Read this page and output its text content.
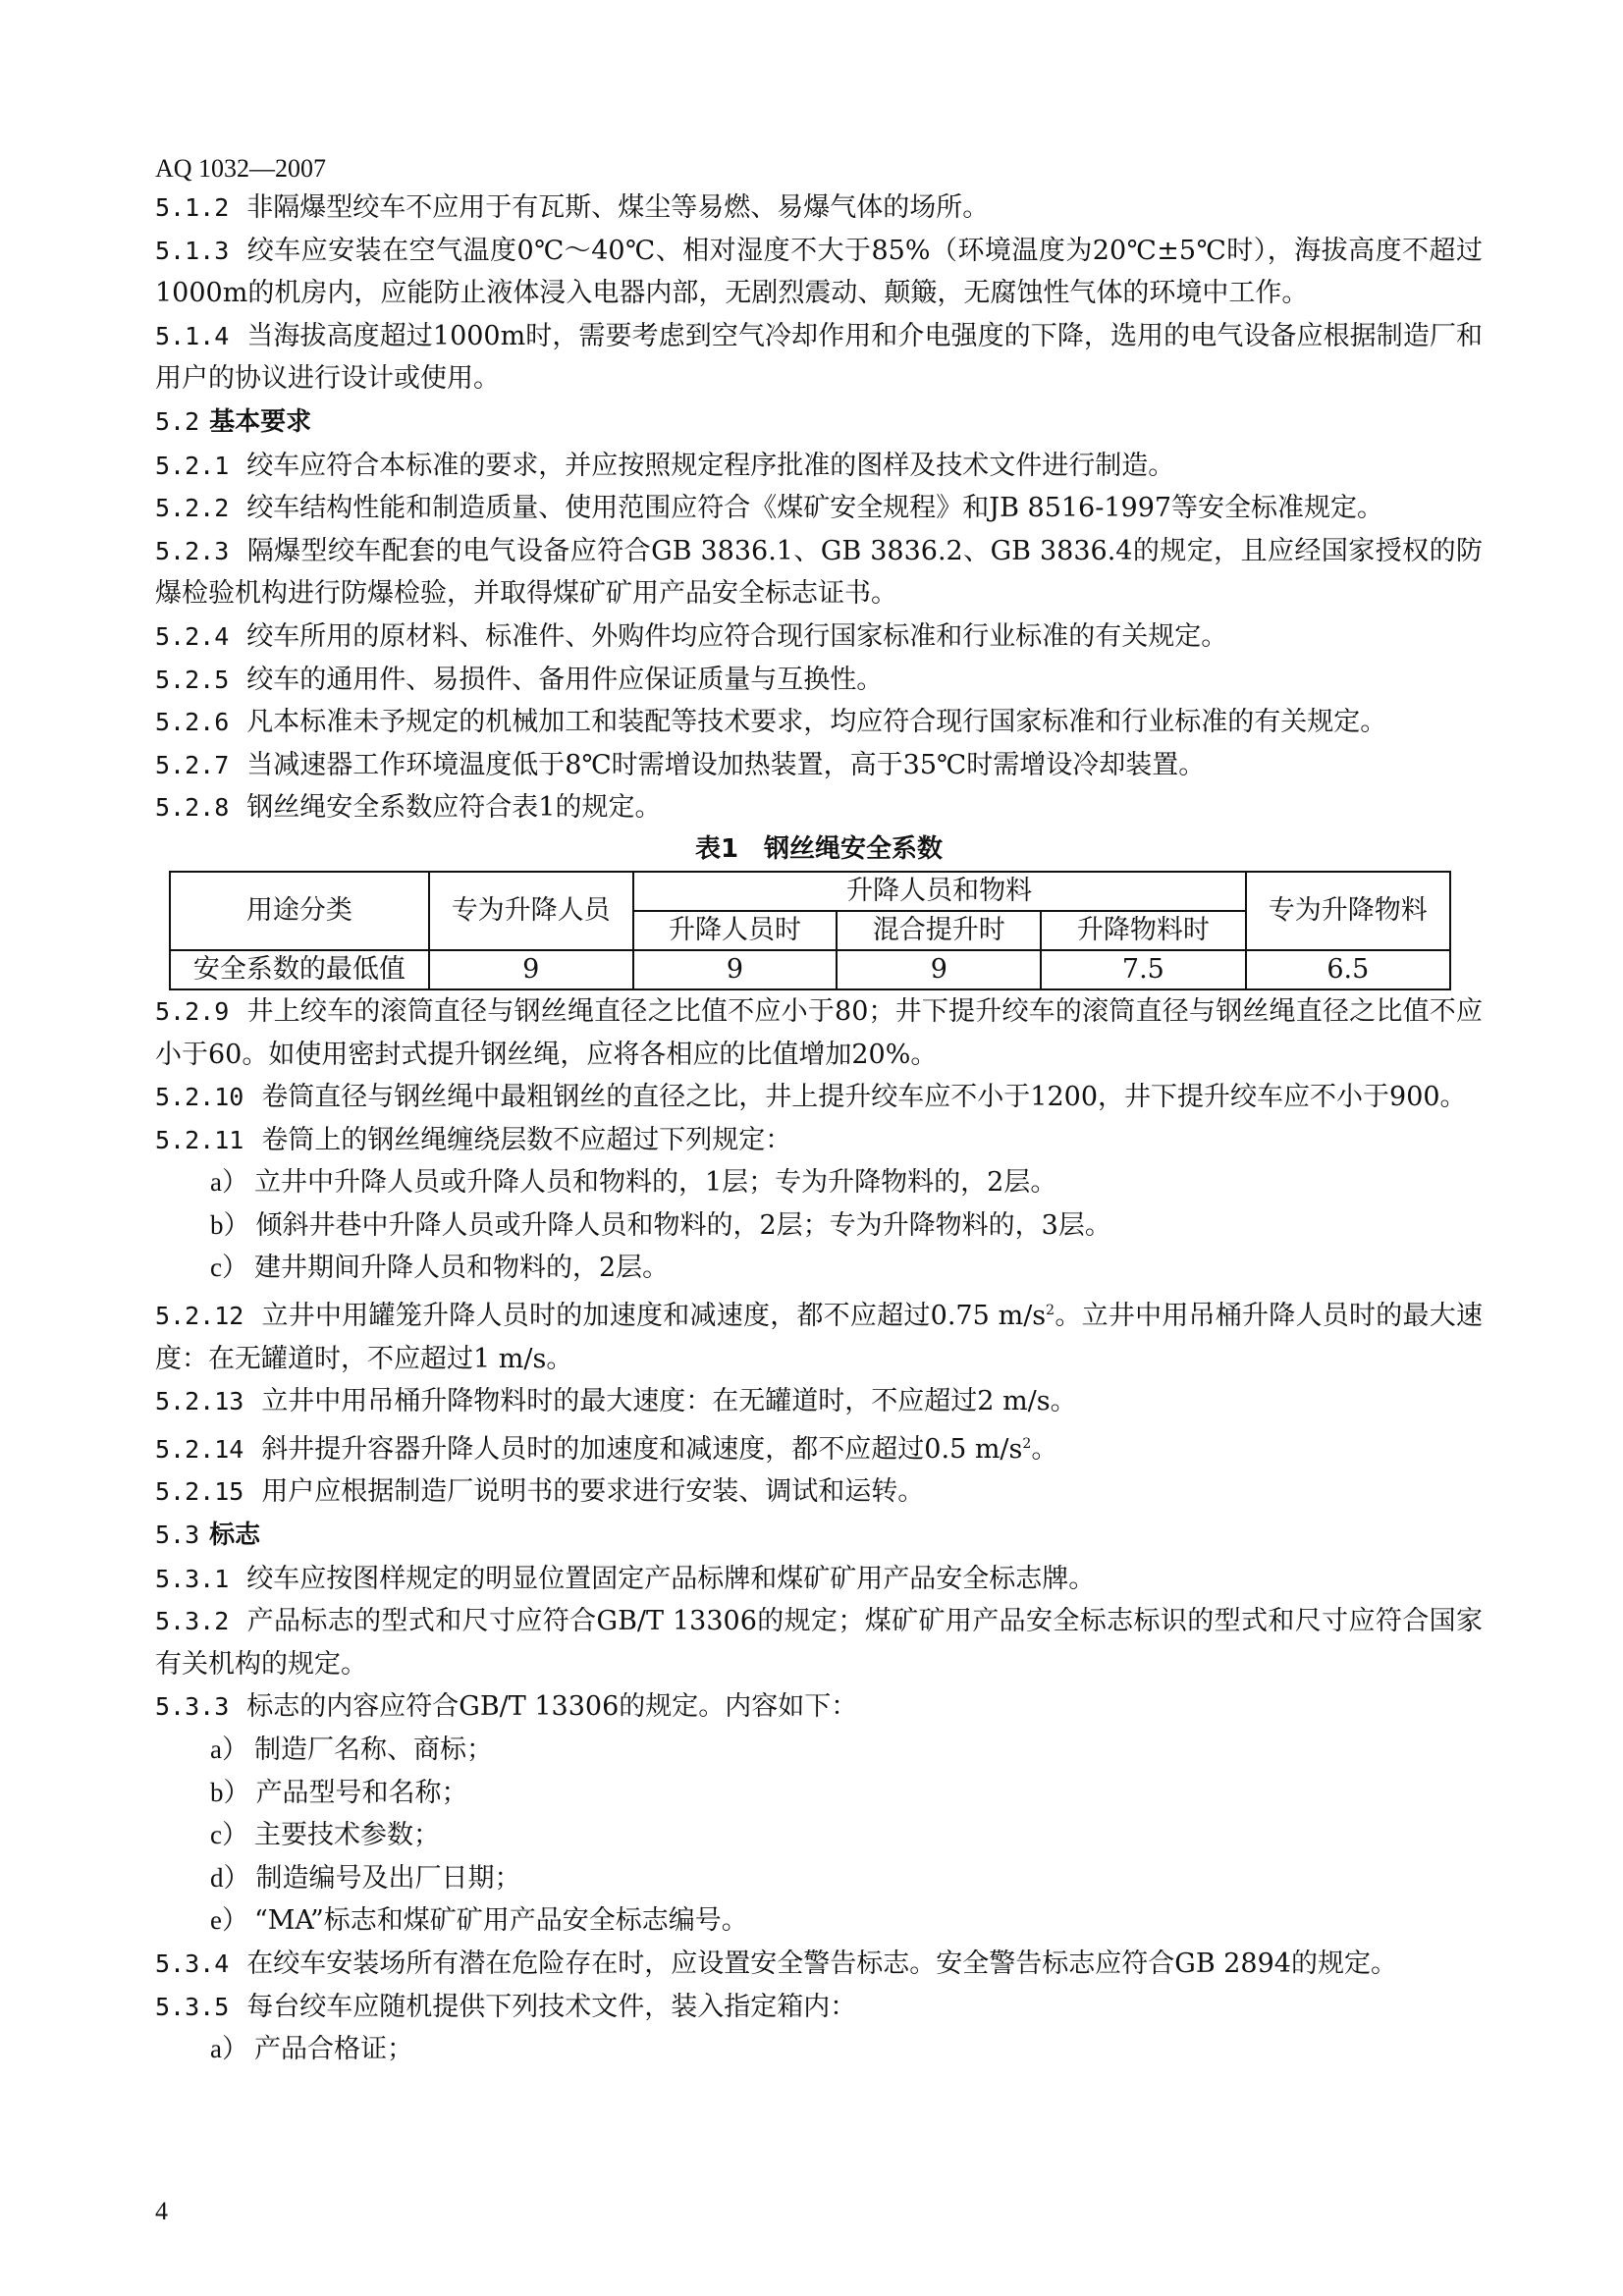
AQ 1032—2007

5.1.2 非隔爆型绞车不应用于有瓦斯、煤尘等易燃、易爆气体的场所。

5.1.3 绞车应安装在空气温度0℃～40℃、相对湿度不大于85%（环境温度为20℃±5℃时），海拔高度不超过1000m的机房内，应能防止液体浸入电器内部，无剧烈震动、颠簸，无腐蚀性气体的环境中工作。

5.1.4 当海拔高度超过1000m时，需要考虑到空气冷却作用和介电强度的下降，选用的电气设备应根据制造厂和用户的协议进行设计或使用。

5.2 基本要求

5.2.1 绞车应符合本标准的要求，并应按照规定程序批准的图样及技术文件进行制造。

5.2.2 绞车结构性能和制造质量、使用范围应符合《煤矿安全规程》和JB 8516-1997等安全标准规定。

5.2.3 隔爆型绞车配套的电气设备应符合GB 3836.1、GB 3836.2、GB 3836.4的规定，且应经国家授权的防爆检验机构进行防爆检验，并取得煤矿矿用产品安全标志证书。

5.2.4 绞车所用的原材料、标准件、外购件均应符合现行国家标准和行业标准的有关规定。

5.2.5 绞车的通用件、易损件、备用件应保证质量与互换性。

5.2.6 凡本标准未予规定的机械加工和装配等技术要求，均应符合现行国家标准和行业标准的有关规定。

5.2.7 当减速器工作环境温度低于8℃时需增设加热装置，高于35℃时需增设冷却装置。

5.2.8 钢丝绳安全系数应符合表1的规定。

表1　钢丝绳安全系数

用途分类	专为升降人员	升降人员和物料			专为升降物料
		升降人员时	混合提升时	升降物料时	
安全系数的最低值	9	9	9	7.5	6.5

5.2.9 井上绞车的滚筒直径与钢丝绳直径之比值不应小于80；井下提升绞车的滚筒直径与钢丝绳直径之比值不应小于60。如使用密封式提升钢丝绳，应将各相应的比值增加20%。

5.2.10 卷筒直径与钢丝绳中最粗钢丝的直径之比，井上提升绞车应不小于1200，井下提升绞车应不小于900。

5.2.11 卷筒上的钢丝绳缠绕层数不应超过下列规定：

a） 立井中升降人员或升降人员和物料的，1层；专为升降物料的，2层。

b） 倾斜井巷中升降人员或升降人员和物料的，2层；专为升降物料的，3层。

c） 建井期间升降人员和物料的，2层。

5.2.12 立井中用罐笼升降人员时的加速度和减速度，都不应超过0.75 $m/s^2$。立井中用吊桶升降人员时的最大速度：在无罐道时，不应超过1 m/s。

5.2.13 立井中用吊桶升降物料时的最大速度：在无罐道时，不应超过2 m/s。

5.2.14 斜井提升容器升降人员时的加速度和减速度，都不应超过0.5 $m/s^2$。

5.2.15 用户应根据制造厂说明书的要求进行安装、调试和运转。

5.3 标志

5.3.1 绞车应按图样规定的明显位置固定产品标牌和煤矿矿用产品安全标志牌。

5.3.2 产品标志的型式和尺寸应符合GB/T 13306的规定；煤矿矿用产品安全标志标识的型式和尺寸应符合国家有关机构的规定。

5.3.3 标志的内容应符合GB/T 13306的规定。内容如下：

a） 制造厂名称、商标；

b） 产品型号和名称；

c） 主要技术参数；

d） 制造编号及出厂日期；

e） “MA”标志和煤矿矿用产品安全标志编号。

5.3.4 在绞车安装场所有潜在危险存在时，应设置安全警告标志。安全警告标志应符合GB 2894的规定。

5.3.5 每台绞车应随机提供下列技术文件，装入指定箱内：

a） 产品合格证；

4
